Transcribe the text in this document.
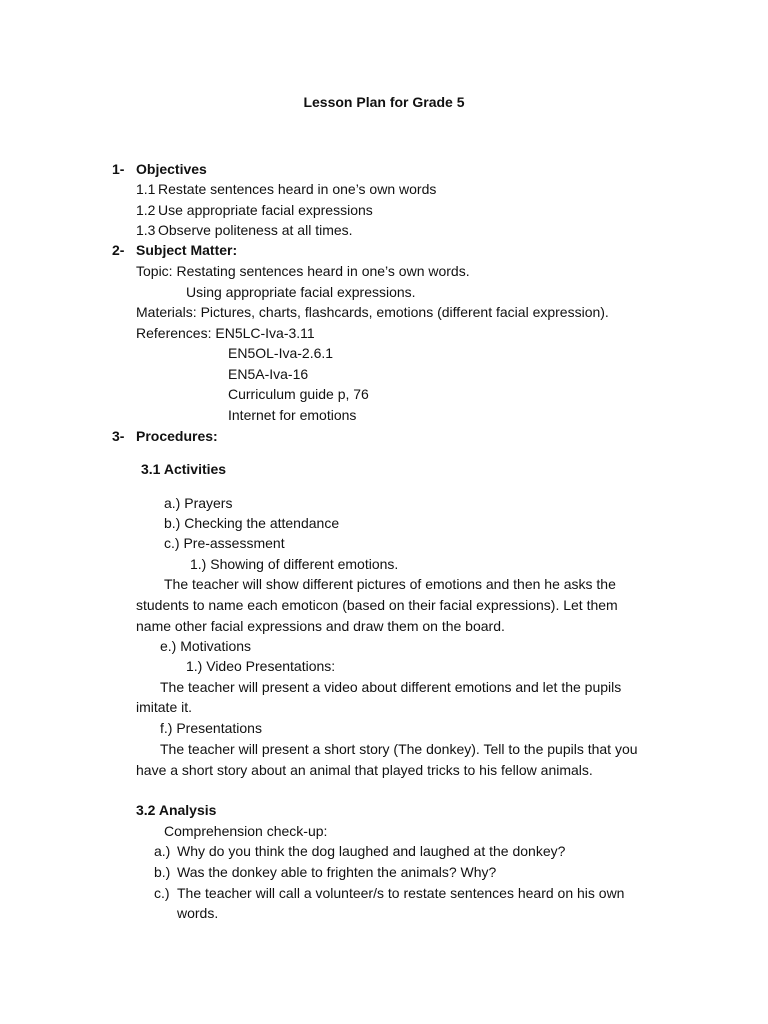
Lesson Plan for Grade 5
1- Objectives
1.1 Restate sentences heard in one’s own words
1.2 Use appropriate facial expressions
1.3 Observe politeness at all times.
2- Subject Matter:
Topic: Restating sentences heard in one’s own words.
Using appropriate facial expressions.
Materials: Pictures, charts, flashcards, emotions (different facial expression).
References: EN5LC-Iva-3.11
EN5OL-Iva-2.6.1
EN5A-Iva-16
Curriculum guide p, 76
Internet for emotions
3- Procedures:
3.1 Activities
a.) Prayers
b.) Checking the attendance
c.) Pre-assessment
1.) Showing of different emotions.
The teacher will show different pictures of emotions and then he asks the
students to name each emoticon (based on their facial expressions). Let them
name other facial expressions and draw them on the board.
e.) Motivations
1.) Video Presentations:
The teacher will present a video about different emotions and let the pupils
imitate it.
f.) Presentations
The teacher will present a short story (The donkey). Tell to the pupils that you
have a short story about an animal that played tricks to his fellow animals.
3.2 Analysis
Comprehension check-up:
a.) Why do you think the dog laughed and laughed at the donkey?
b.) Was the donkey able to frighten the animals? Why?
c.) The teacher will call a volunteer/s to restate sentences heard on his own
words.
